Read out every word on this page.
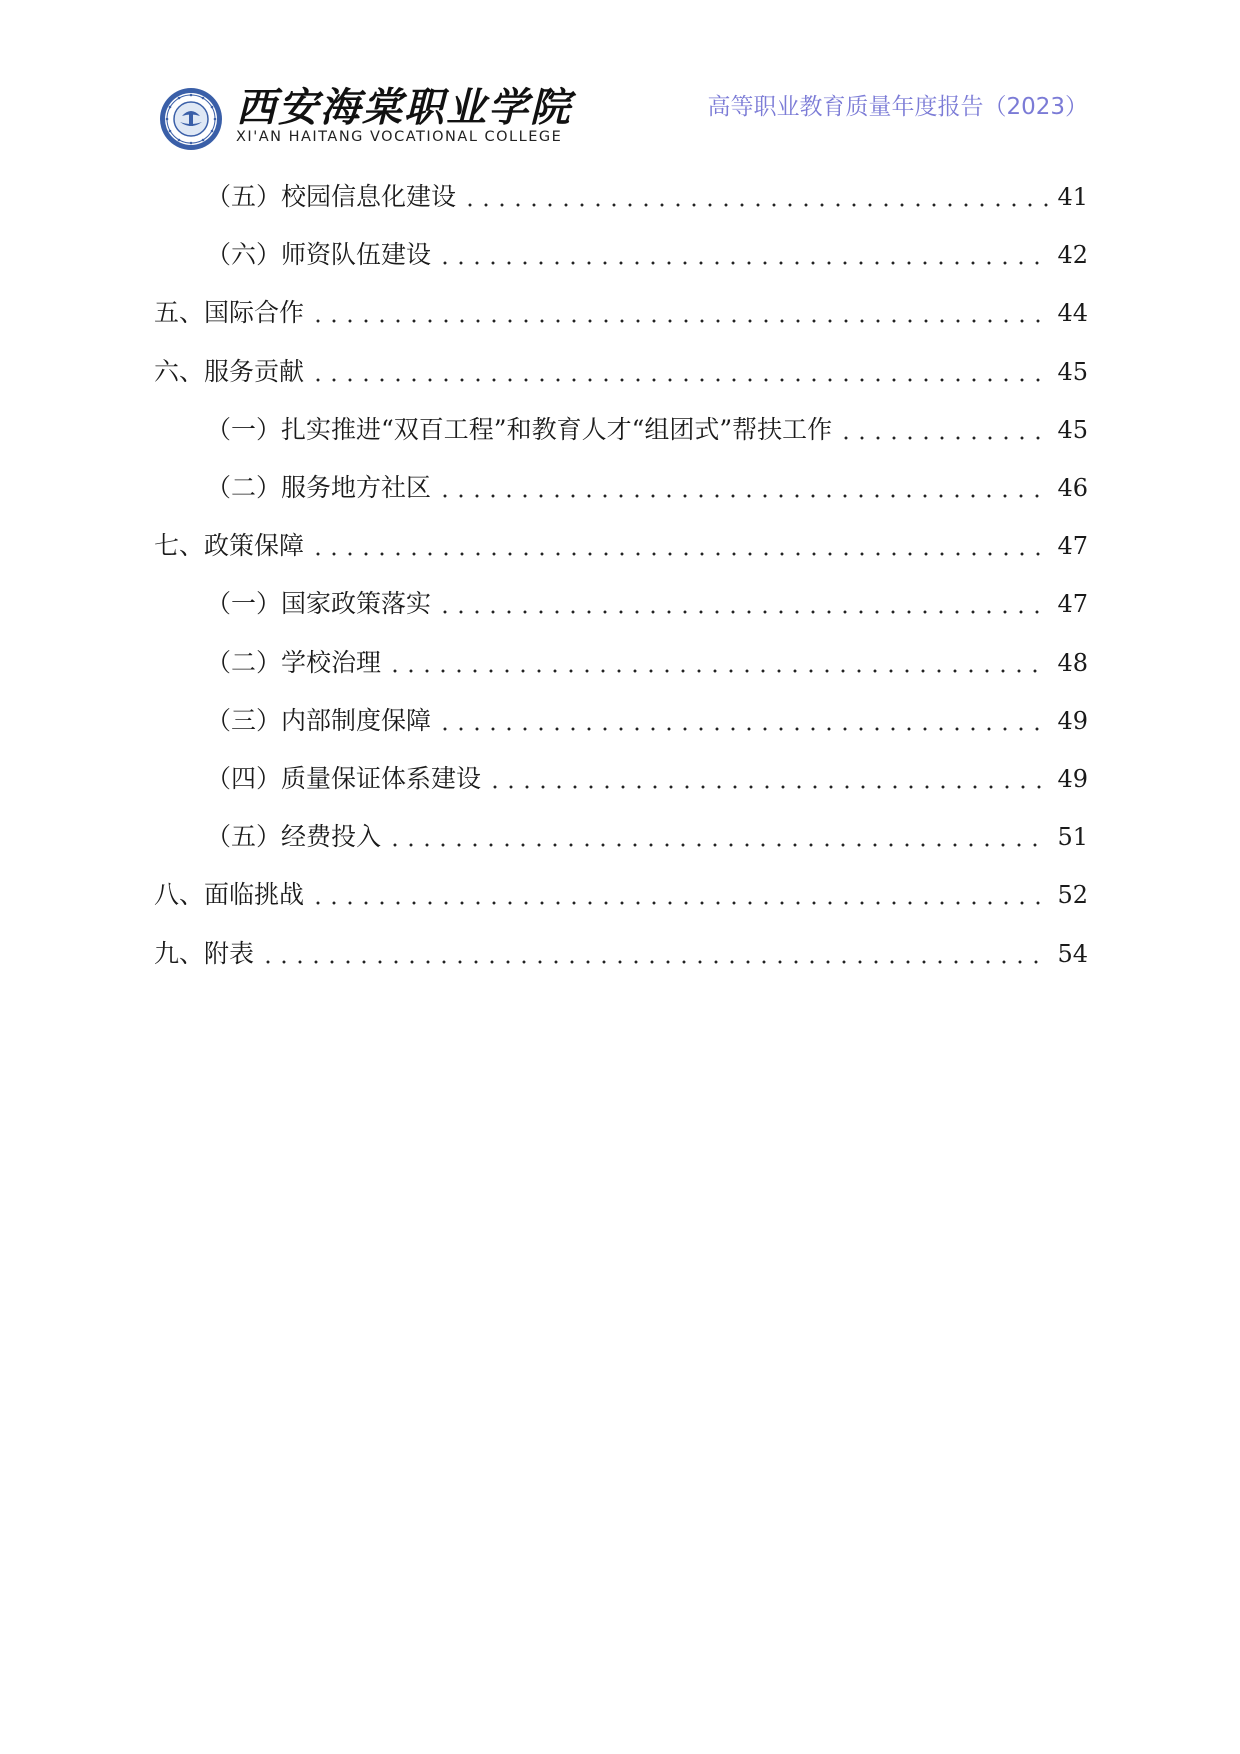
西安海棠职业学院
XI'AN HAITANG VOCATIONAL COLLEGE
高等职业教育质量年度报告（2023）
（五）校园信息化建设	41
（六）师资队伍建设	42
五、国际合作	44
六、服务贡献	45
（一）扎实推进“双百工程”和教育人才“组团式”帮扶工作	45
（二）服务地方社区	46
七、政策保障	47
（一）国家政策落实	47
（二）学校治理	48
（三）内部制度保障	49
（四）质量保证体系建设	49
（五）经费投入	51
八、面临挑战	52
九、附表	54
